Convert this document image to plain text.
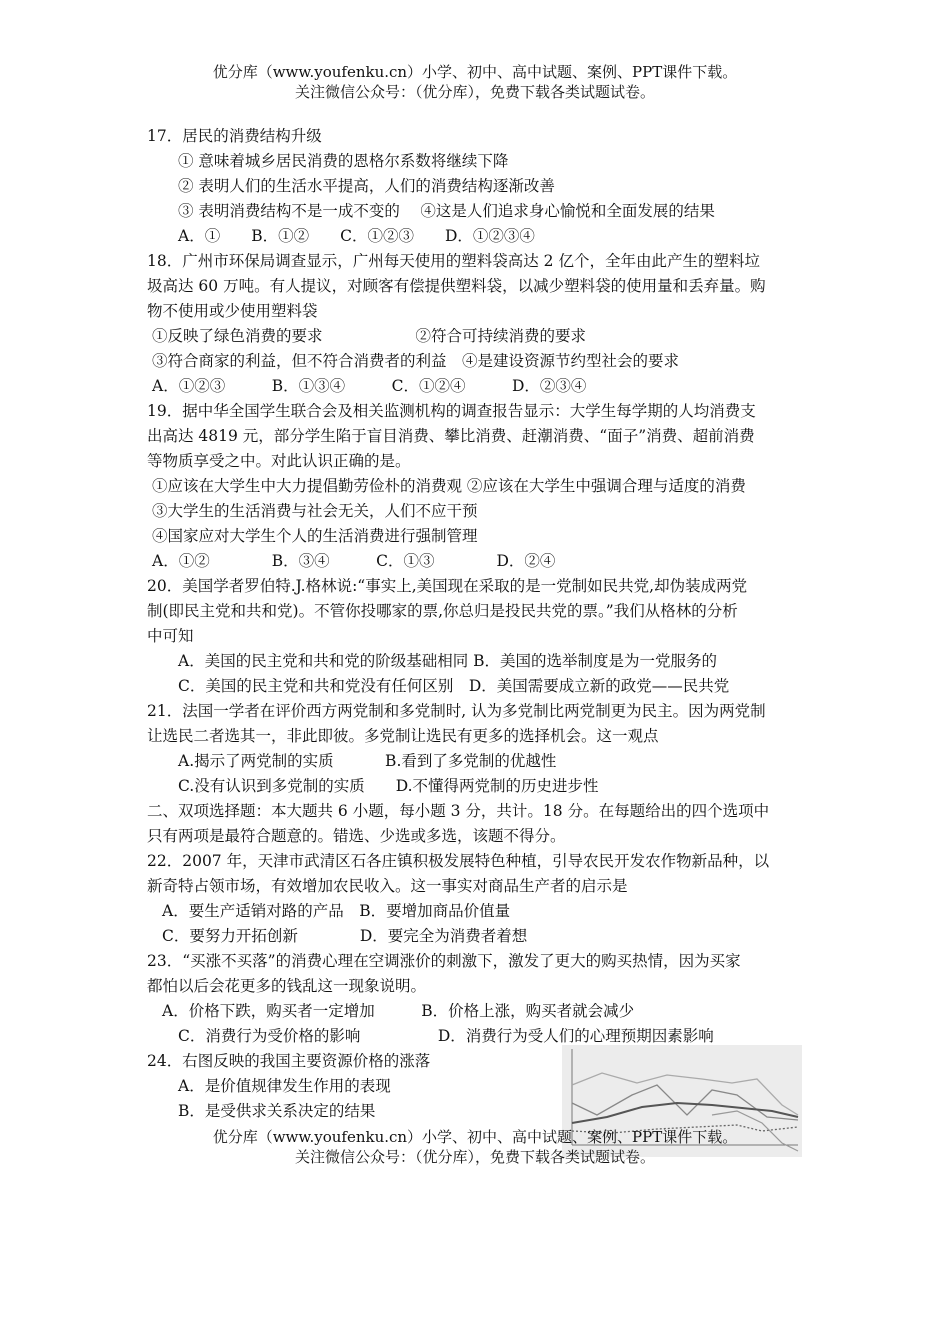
优分库（www.youfenku.cn）小学、初中、高中试题、案例、PPT课件下载。
关注微信公众号：（优分库），免费下载各类试题试卷。
17．居民的消费结构升级
① 意味着城乡居民消费的恩格尔系数将继续下降
② 表明人们的生活水平提高，人们的消费结构逐渐改善
③ 表明消费结构不是一成不变的　 ④这是人们追求身心愉悦和全面发展的结果
A．①　　B．①②　　C．①②③　　D．①②③④
18．广州市环保局调查显示，广州每天使用的塑料袋高达 2 亿个，全年由此产生的塑料垃
圾高达 60 万吨。有人提议，对顾客有偿提供塑料袋，以减少塑料袋的使用量和丢弃量。购
物不使用或少使用塑料袋
①反映了绿色消费的要求　　　　　　②符合可持续消费的要求
③符合商家的利益，但不符合消费者的利益　④是建设资源节约型社会的要求
A．①②③　　　B．①③④　　　C．①②④　　　D．②③④
19．据中华全国学生联合会及相关监测机构的调查报告显示：大学生每学期的人均消费支
出高达 4819 元，部分学生陷于盲目消费、攀比消费、赶潮消费、“面子”消费、超前消费
等物质享受之中。对此认识正确的是。
①应该在大学生中大力提倡勤劳俭朴的消费观 ②应该在大学生中强调合理与适度的消费
③大学生的生活消费与社会无关，人们不应干预
④国家应对大学生个人的生活消费进行强制管理
A．①②　　　　B．③④　　　C．①③　　　　D．②④
20．美国学者罗伯特.J.格林说:“事实上,美国现在采取的是一党制如民共党,却伪装成两党
制(即民主党和共和党)。不管你投哪家的票,你总归是投民共党的票。”我们从格林的分析
中可知
A．美国的民主党和共和党的阶级基础相同 B．美国的选举制度是为一党服务的
C．美国的民主党和共和党没有任何区别　D．美国需要成立新的政党——民共党
21．法国一学者在评价西方两党制和多党制时, 认为多党制比两党制更为民主。因为两党制
让选民二者选其一，非此即彼。多党制让选民有更多的选择机会。这一观点
A.揭示了两党制的实质　　　 B.看到了多党制的优越性
C.没有认识到多党制的实质　　D.不懂得两党制的历史进步性
二、双项选择题：本大题共 6 小题，每小题 3 分，共计。18 分。在每题给出的四个选项中
只有两项是最符合题意的。错选、少选或多选，该题不得分。
22．2007 年，天津市武清区石各庄镇积极发展特色种植，引导农民开发农作物新品种，以
新奇特占领市场，有效增加农民收入。这一事实对商品生产者的启示是
A．要生产适销对路的产品　B．要增加商品价值量
C．要努力开拓创新　　　　D．要完全为消费者着想
23．“买涨不买落”的消费心理在空调涨价的刺激下，激发了更大的购买热情，因为买家
都怕以后会花更多的钱乱这一现象说明。
A．价格下跌，购买者一定增加　　　B．价格上涨，购买者就会减少
C．消费行为受价格的影响　　　　　D．消费行为受人们的心理预期因素影响
24．右图反映的我国主要资源价格的涨落
A．是价值规律发生作用的表现
B．是受供求关系决定的结果
优分库（www.youfenku.cn）小学、初中、高中试题、案例、PPT课件下载。
关注微信公众号：（优分库），免费下载各类试题试卷。
